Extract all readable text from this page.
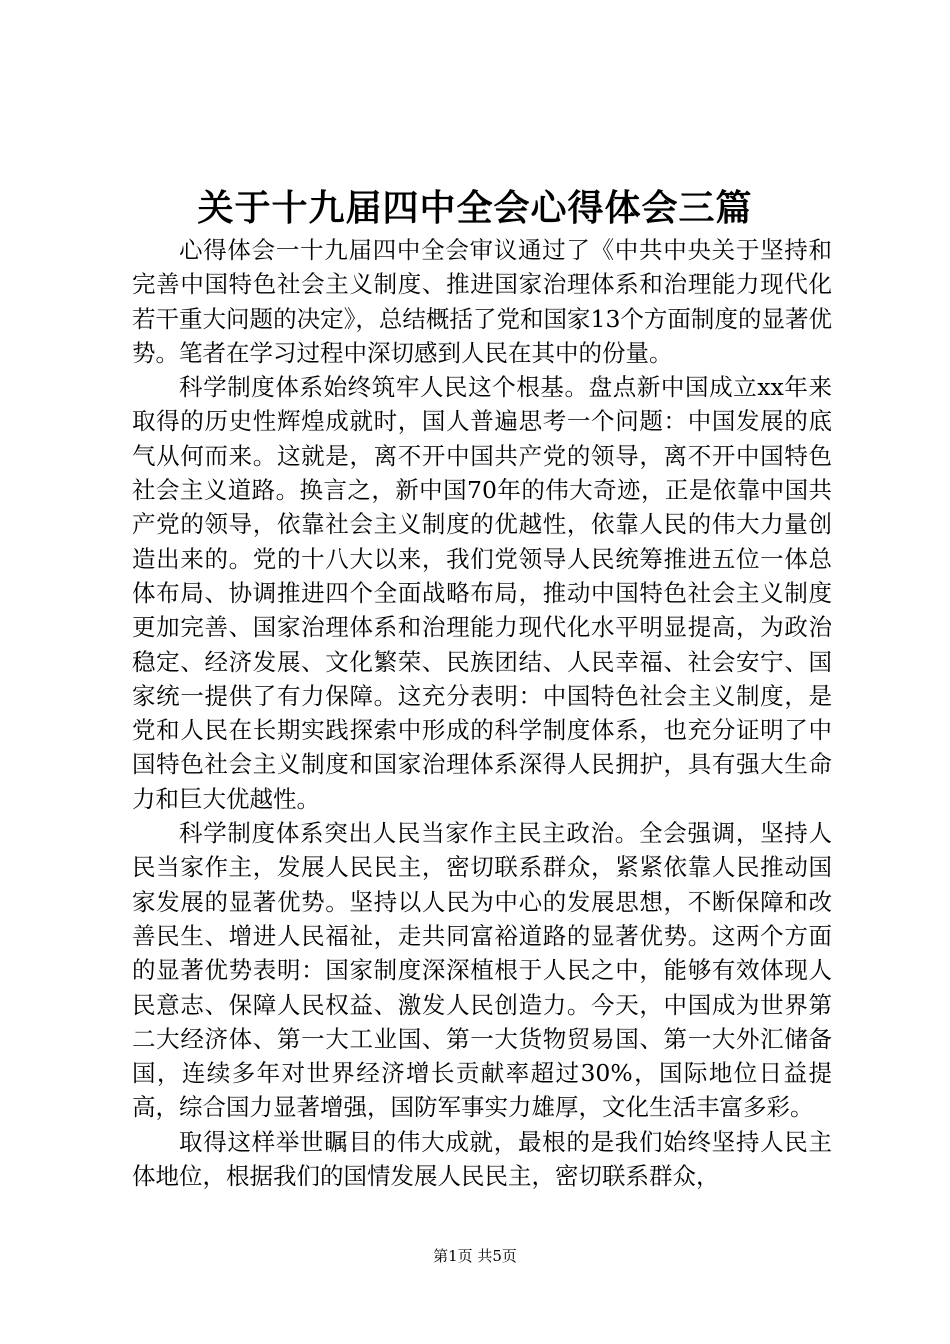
关于十九届四中全会心得体会三篇

心得体会一十九届四中全会审议通过了《中共中央关于坚持和完善中国特色社会主义制度、推进国家治理体系和治理能力现代化若干重大问题的决定》，总结概括了党和国家13个方面制度的显著优势。笔者在学习过程中深切感到人民在其中的份量。

科学制度体系始终筑牢人民这个根基。盘点新中国成立xx年来取得的历史性辉煌成就时，国人普遍思考一个问题：中国发展的底气从何而来。这就是，离不开中国共产党的领导，离不开中国特色社会主义道路。换言之，新中国70年的伟大奇迹，正是依靠中国共产党的领导，依靠社会主义制度的优越性，依靠人民的伟大力量创造出来的。党的十八大以来，我们党领导人民统筹推进五位一体总体布局、协调推进四个全面战略布局，推动中国特色社会主义制度更加完善、国家治理体系和治理能力现代化水平明显提高，为政治稳定、经济发展、文化繁荣、民族团结、人民幸福、社会安宁、国家统一提供了有力保障。这充分表明：中国特色社会主义制度，是党和人民在长期实践探索中形成的科学制度体系，也充分证明了中国特色社会主义制度和国家治理体系深得人民拥护，具有强大生命力和巨大优越性。

科学制度体系突出人民当家作主民主政治。全会强调，坚持人民当家作主，发展人民民主，密切联系群众，紧紧依靠人民推动国家发展的显著优势。坚持以人民为中心的发展思想，不断保障和改善民生、增进人民福祉，走共同富裕道路的显著优势。这两个方面的显著优势表明：国家制度深深植根于人民之中，能够有效体现人民意志、保障人民权益、激发人民创造力。今天，中国成为世界第二大经济体、第一大工业国、第一大货物贸易国、第一大外汇储备国，连续多年对世界经济增长贡献率超过30%，国际地位日益提高，综合国力显著增强，国防军事实力雄厚，文化生活丰富多彩。

取得这样举世瞩目的伟大成就，最根的是我们始终坚持人民主体地位，根据我们的国情发展人民民主，密切联系群众，

第1页 共5页
